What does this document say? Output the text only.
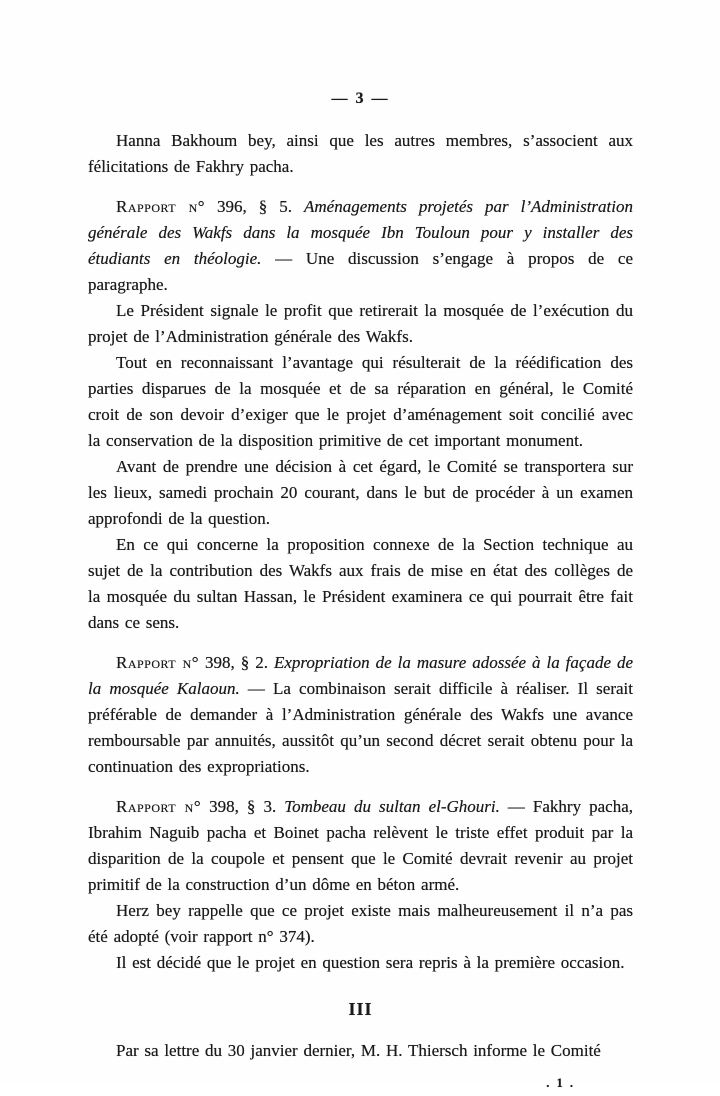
— 3 —

Hanna Bakhoum bey, ainsi que les autres membres, s’associent aux félicitations de Fakhry pacha.

Rapport n° 396, § 5. Aménagements projetés par l’Administration générale des Wakfs dans la mosquée Ibn Touloun pour y installer des étudiants en théologie. — Une discussion s’engage à propos de ce paragraphe.

Le Président signale le profit que retirerait la mosquée de l’exécution du projet de l’Administration générale des Wakfs.

Tout en reconnaissant l’avantage qui résulterait de la réédification des parties disparues de la mosquée et de sa réparation en général, le Comité croit de son devoir d’exiger que le projet d’aménagement soit concilié avec la conservation de la disposition primitive de cet important monument.

Avant de prendre une décision à cet égard, le Comité se transportera sur les lieux, samedi prochain 20 courant, dans le but de procéder à un examen approfondi de la question.

En ce qui concerne la proposition connexe de la Section technique au sujet de la contribution des Wakfs aux frais de mise en état des collèges de la mosquée du sultan Hassan, le Président examinera ce qui pourrait être fait dans ce sens.

Rapport n° 398, § 2. Expropriation de la masure adossée à la façade de la mosquée Kalaoun. — La combinaison serait difficile à réaliser. Il serait préférable de demander à l’Administration générale des Wakfs une avance remboursable par annuités, aussitôt qu’un second décret serait obtenu pour la continuation des expropriations.

Rapport n° 398, § 3. Tombeau du sultan el-Ghouri. — Fakhry pacha, Ibrahim Naguib pacha et Boinet pacha relèvent le triste effet produit par la disparition de la coupole et pensent que le Comité devrait revenir au projet primitif de la construction d’un dôme en béton armé.

Herz bey rappelle que ce projet existe mais malheureusement il n’a pas été adopté (voir rapport n° 374).

Il est décidé que le projet en question sera repris à la première occasion.

III

Par sa lettre du 30 janvier dernier, M. H. Thiersch informe le Comité

. 1 .
